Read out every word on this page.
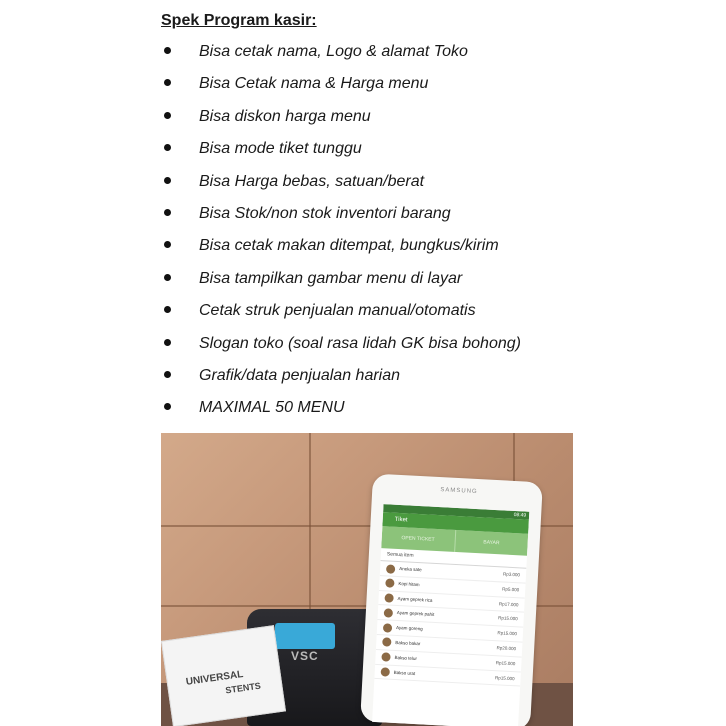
Spek Program kasir:
Bisa cetak nama, Logo & alamat Toko
Bisa Cetak nama & Harga menu
Bisa diskon harga menu
Bisa mode tiket tunggu
Bisa Harga bebas, satuan/berat
Bisa Stok/non stok inventori barang
Bisa cetak makan ditempat, bungkus/kirim
Bisa tampilkan gambar menu di layar
Cetak struk penjualan manual/otomatis
Slogan toko (soal rasa lidah GK bisa bohong)
Grafik/data penjualan harian
MAXIMAL 50 MENU
VSC
UNIVERSAL
STENTS
SAMSUNG
08:49
Tiket
OPEN TICKET	BAYAR
Semua item
Aneka sate
Rp3.000
Kopi hitam
Rp5.000
Ayam geprek rica
Rp17.000
Ayam geprek pahit
Rp15.000
Ayam goreng
Rp15.000
Bakso bakar
Rp20.000
Bakso telur
Rp15.000
Bakso urat
Rp15.000
